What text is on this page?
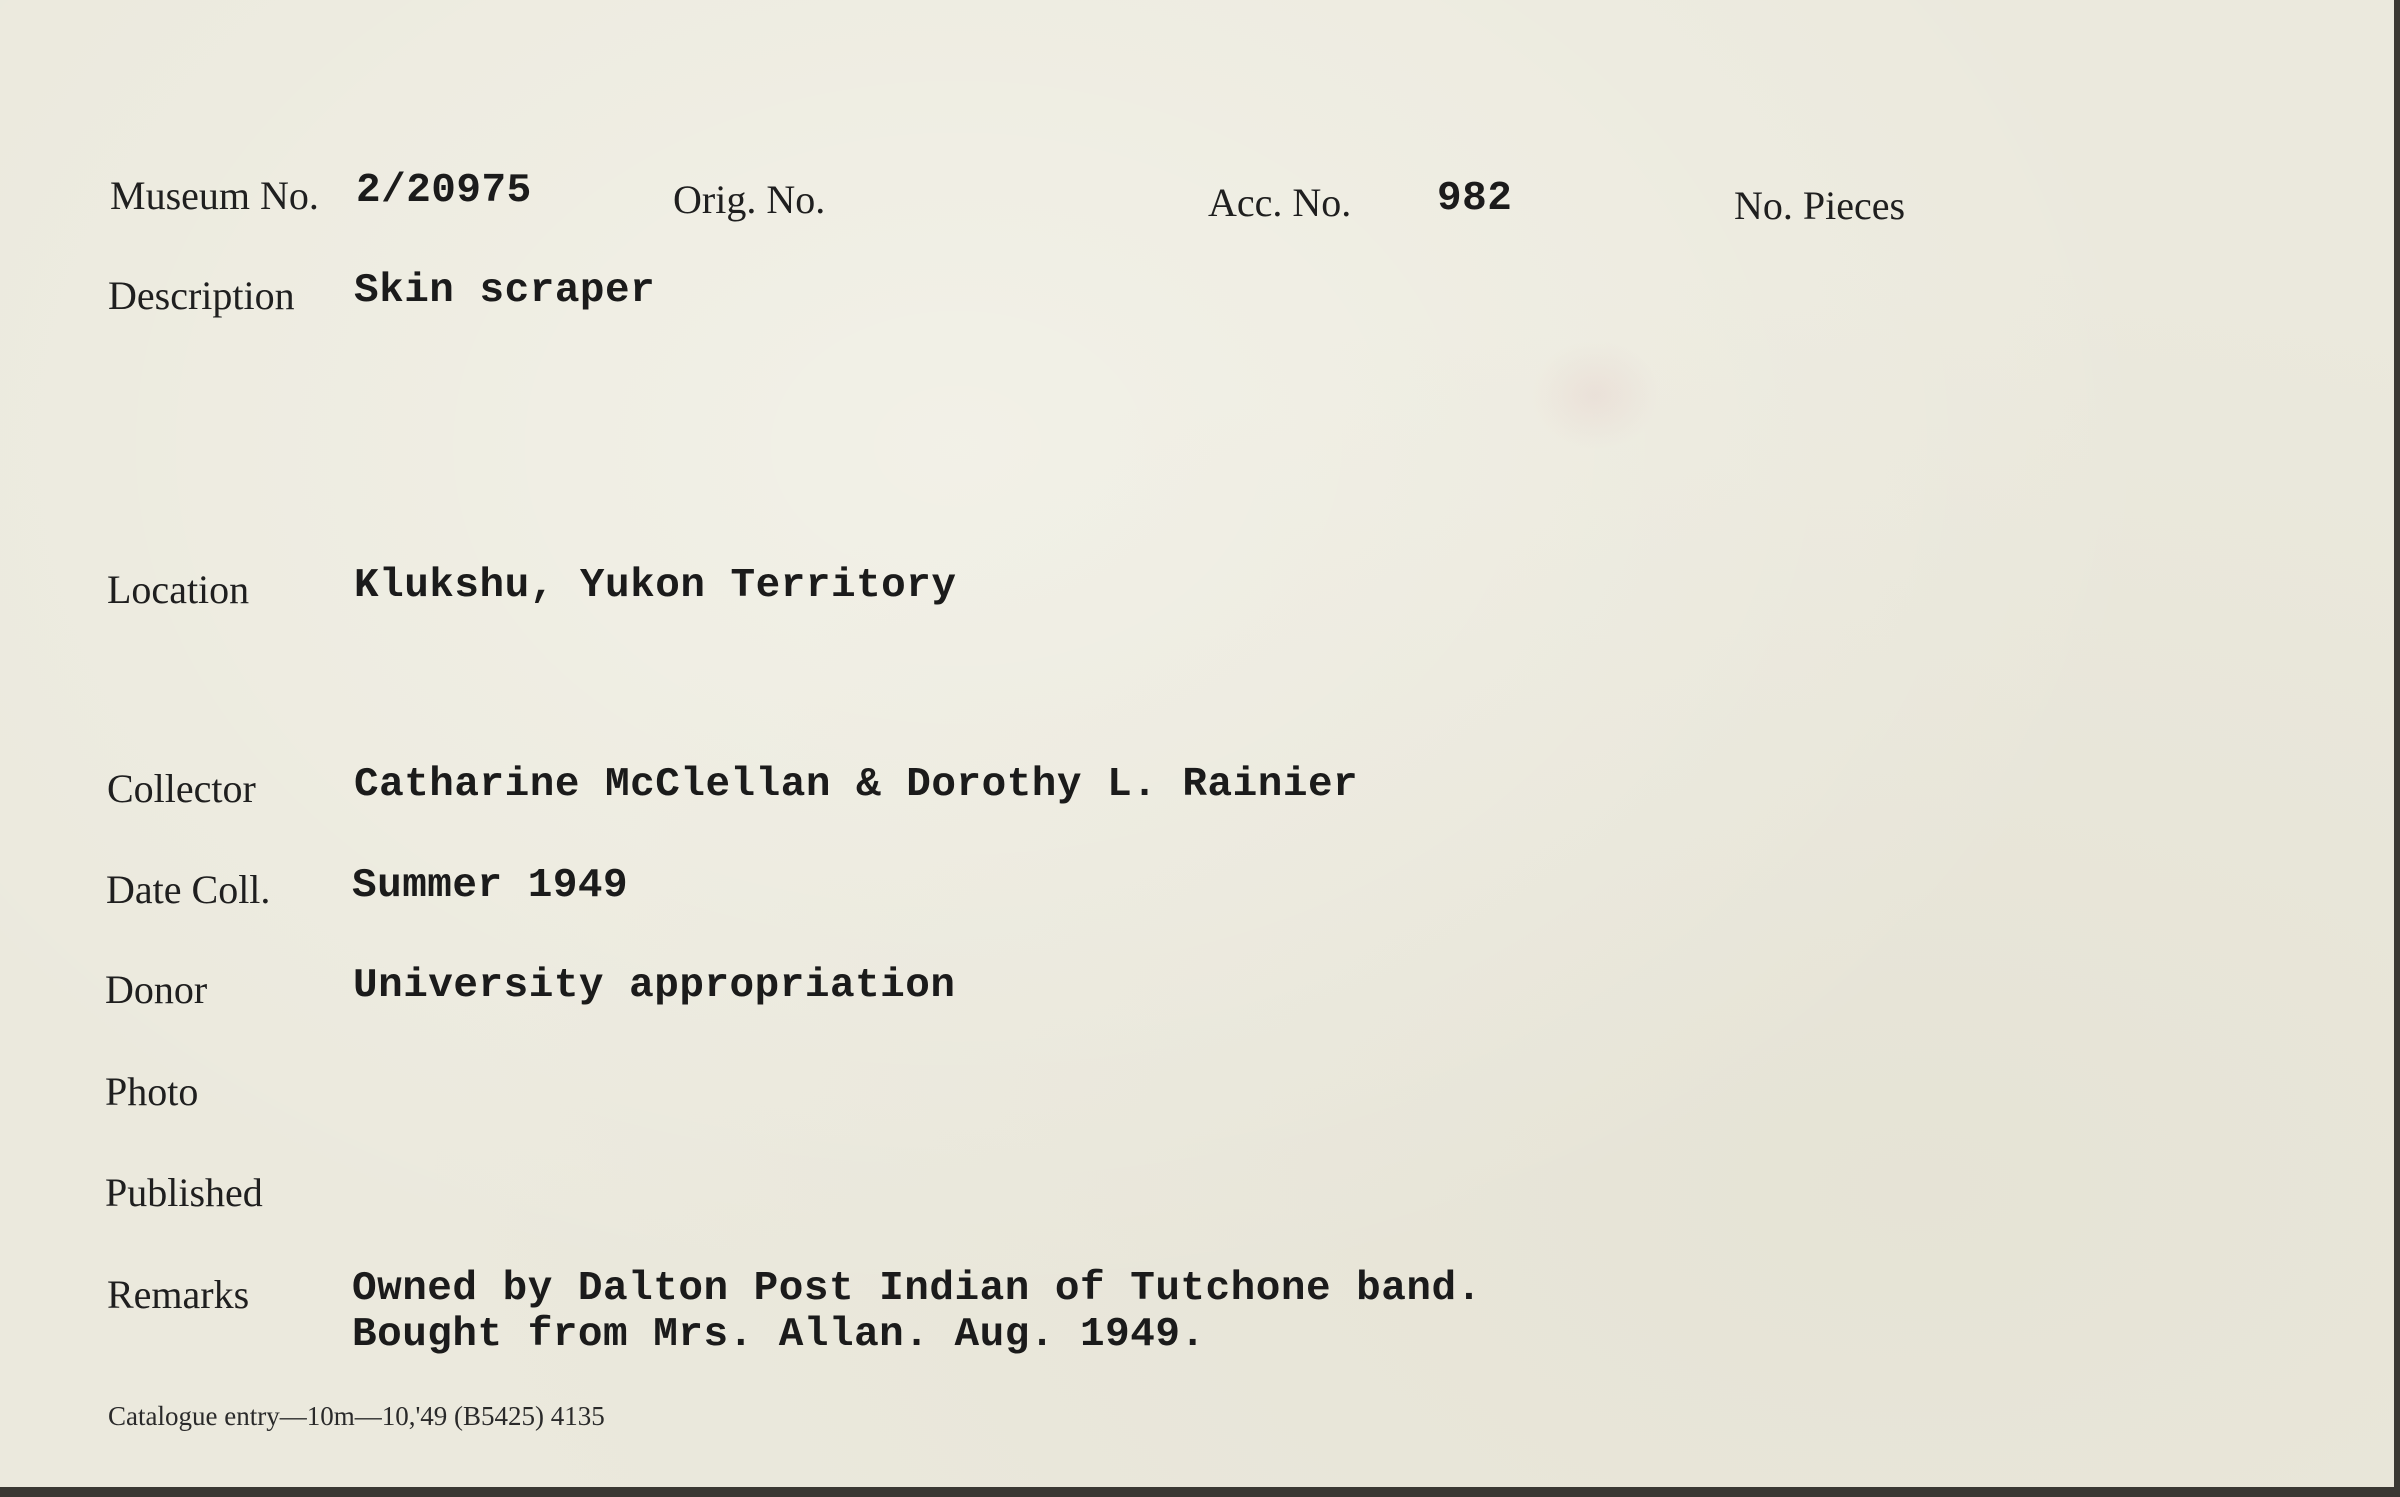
Museum No. 2/20975	Orig. No.	Acc. No. 982	No. Pieces
Description Skin scraper
Location	Klukshu, Yukon Territory
Collector Catharine McClellan & Dorothy L. Rainier
Date Coll. Summer 1949
Donor	University appropriation
Photo
Published
Remarks	Owned by Dalton Post Indian of Tutchone band.
Bought from Mrs. Allan. Aug. 1949.
Catalogue entry—10m—10,'49 (B5425) 4135
